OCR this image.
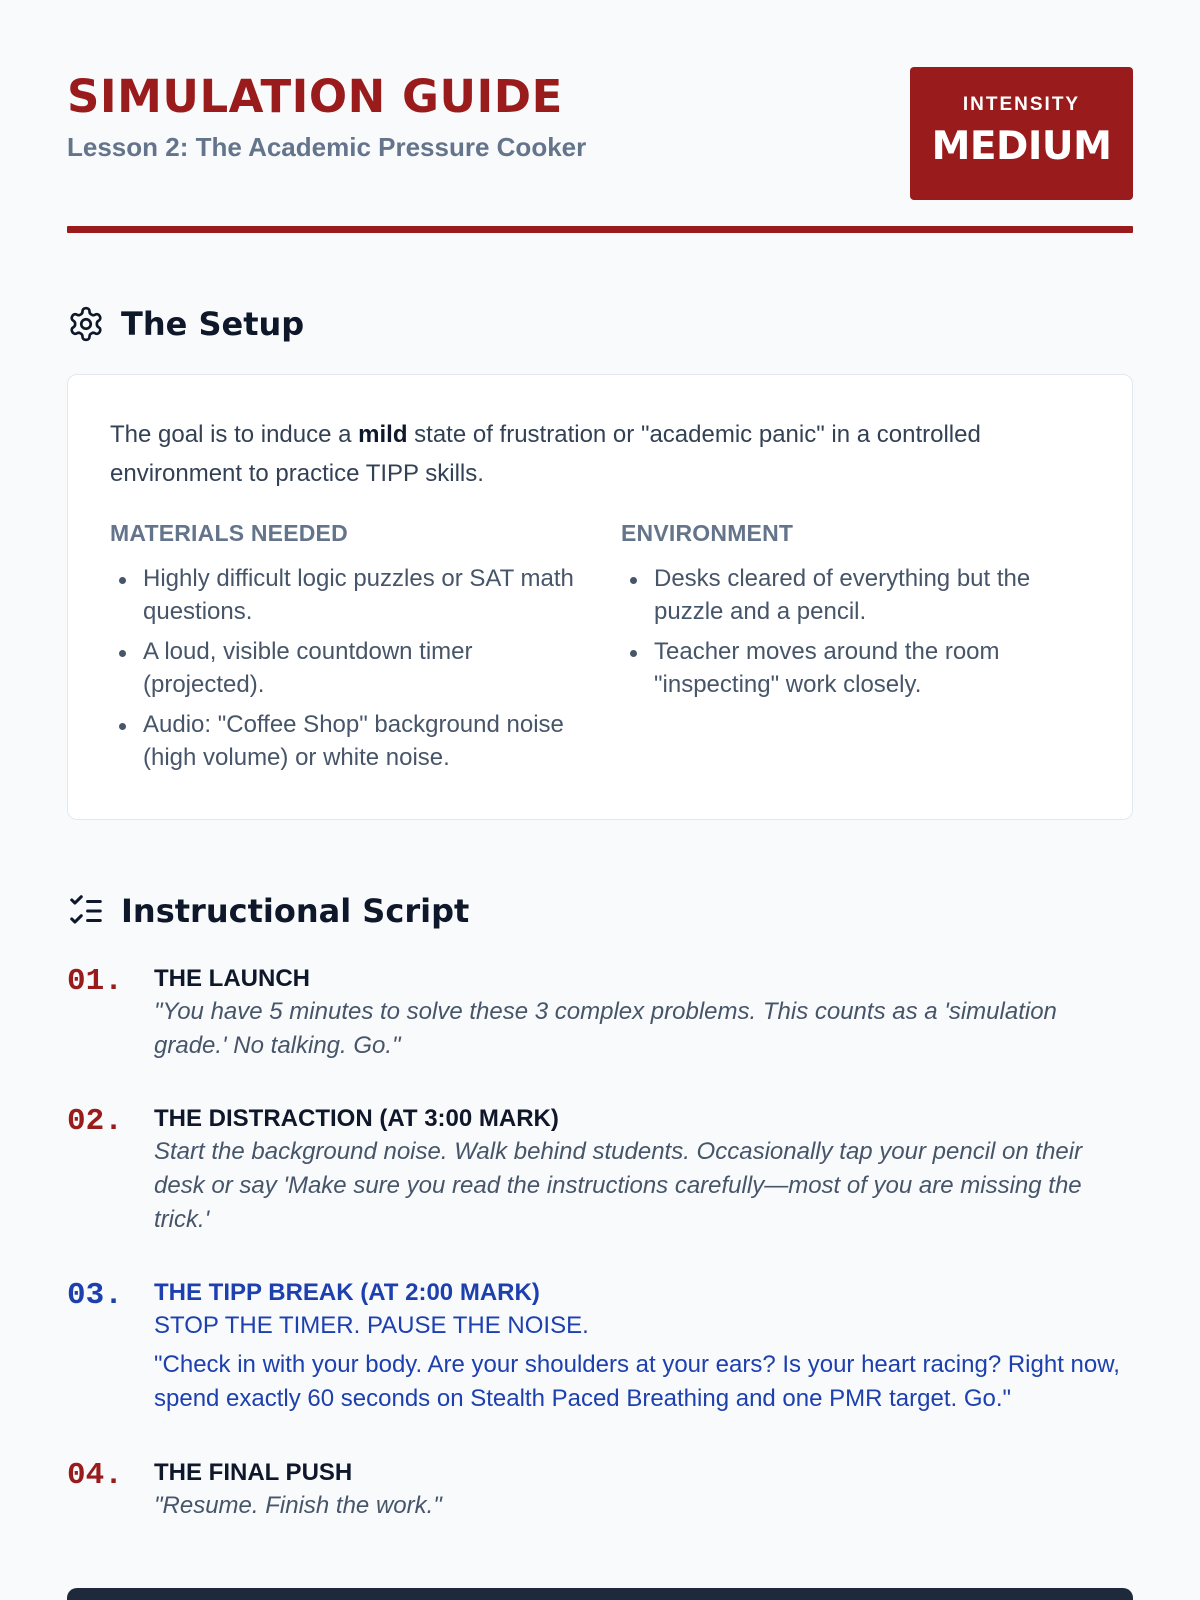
SIMULATION GUIDE
Lesson 2: The Academic Pressure Cooker
INTENSITY
MEDIUM
The Setup

The goal is to induce a mild state of frustration or "academic panic" in a controlled environment to practice TIPP skills.

MATERIALS NEEDED
Highly difficult logic puzzles or SAT math questions.
A loud, visible countdown timer (projected).
Audio: "Coffee Shop" background noise (high volume) or white noise.
ENVIRONMENT
Desks cleared of everything but the puzzle and a pencil.
Teacher moves around the room "inspecting" work closely.
Instructional Script
01. THE LAUNCH
"You have 5 minutes to solve these 3 complex problems. This counts as a 'simulation grade.' No talking. Go."
02. THE DISTRACTION (AT 3:00 MARK)
Start the background noise. Walk behind students. Occasionally tap your pencil on their desk or say 'Make sure you read the instructions carefully—most of you are missing the trick.'
03. THE TIPP BREAK (AT 2:00 MARK)
STOP THE TIMER. PAUSE THE NOISE.
"Check in with your body. Are your shoulders at your ears? Is your heart racing? Right now, spend exactly 60 seconds on Stealth Paced Breathing and one PMR target. Go."
04. THE FINAL PUSH
"Resume. Finish the work."
